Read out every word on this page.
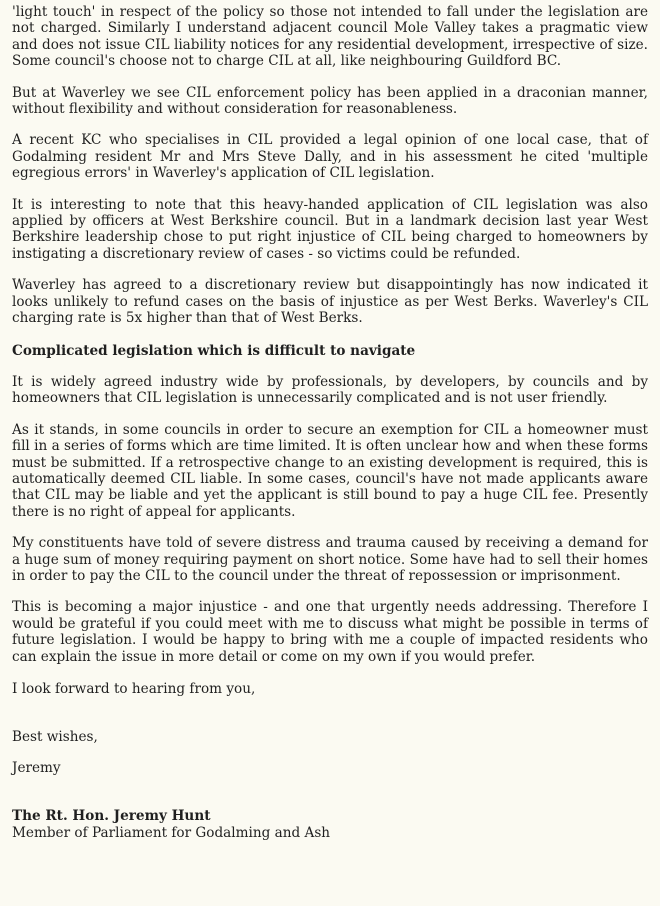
'light touch' in respect of the policy so those not intended to fall under the legislation are not charged. Similarly I understand adjacent council Mole Valley takes a pragmatic view and does not issue CIL liability notices for any residential development, irrespective of size. Some council's choose not to charge CIL at all, like neighbouring Guildford BC.

But at Waverley we see CIL enforcement policy has been applied in a draconian manner, without flexibility and without consideration for reasonableness.

A recent KC who specialises in CIL provided a legal opinion of one local case, that of Godalming resident Mr and Mrs Steve Dally, and in his assessment he cited 'multiple egregious errors' in Waverley's application of CIL legislation.

It is interesting to note that this heavy-handed application of CIL legislation was also applied by officers at West Berkshire council. But in a landmark decision last year West Berkshire leadership chose to put right injustice of CIL being charged to homeowners by instigating a discretionary review of cases - so victims could be refunded.

Waverley has agreed to a discretionary review but disappointingly has now indicated it looks unlikely to refund cases on the basis of injustice as per West Berks. Waverley's CIL charging rate is 5x higher than that of West Berks.

Complicated legislation which is difficult to navigate

It is widely agreed industry wide by professionals, by developers, by councils and by homeowners that CIL legislation is unnecessarily complicated and is not user friendly.

As it stands, in some councils in order to secure an exemption for CIL a homeowner must fill in a series of forms which are time limited. It is often unclear how and when these forms must be submitted. If a retrospective change to an existing development is required, this is automatically deemed CIL liable. In some cases, council's have not made applicants aware that CIL may be liable and yet the applicant is still bound to pay a huge CIL fee. Presently there is no right of appeal for applicants.

My constituents have told of severe distress and trauma caused by receiving a demand for a huge sum of money requiring payment on short notice. Some have had to sell their homes in order to pay the CIL to the council under the threat of repossession or imprisonment.

This is becoming a major injustice - and one that urgently needs addressing. Therefore I would be grateful if you could meet with me to discuss what might be possible in terms of future legislation. I would be happy to bring with me a couple of impacted residents who can explain the issue in more detail or come on my own if you would prefer.

I look forward to hearing from you,

Best wishes,

Jeremy

The Rt. Hon. Jeremy Hunt

Member of Parliament for Godalming and Ash
